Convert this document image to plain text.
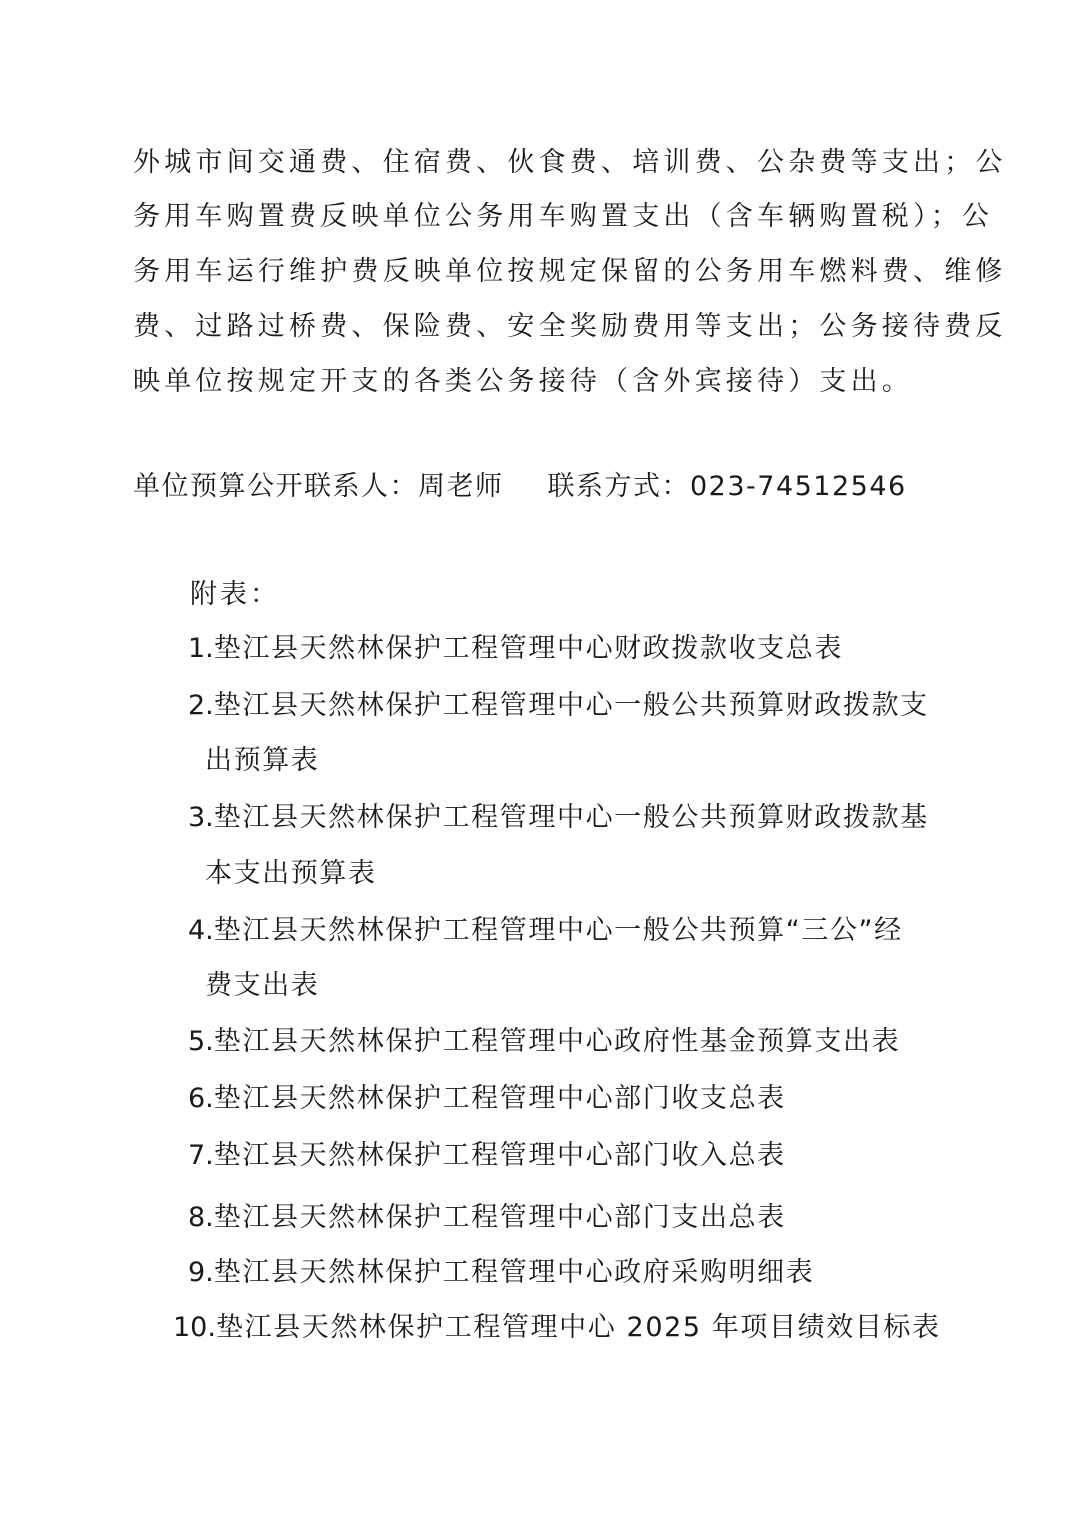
外城市间交通费、住宿费、伙食费、培训费、公杂费等支出；公
务用车购置费反映单位公务用车购置支出（含车辆购置税）；公
务用车运行维护费反映单位按规定保留的公务用车燃料费、维修
费、过路过桥费、保险费、安全奖励费用等支出；公务接待费反
映单位按规定开支的各类公务接待（含外宾接待）支出。
单位预算公开联系人：周老师 联系方式：023-74512546
附表：
1.垫江县天然林保护工程管理中心财政拨款收支总表
2.垫江县天然林保护工程管理中心一般公共预算财政拨款支
出预算表
3.垫江县天然林保护工程管理中心一般公共预算财政拨款基
本支出预算表
4.垫江县天然林保护工程管理中心一般公共预算“三公”经
费支出表
5.垫江县天然林保护工程管理中心政府性基金预算支出表
6.垫江县天然林保护工程管理中心部门收支总表
7.垫江县天然林保护工程管理中心部门收入总表
8.垫江县天然林保护工程管理中心部门支出总表
9.垫江县天然林保护工程管理中心政府采购明细表
10.垫江县天然林保护工程管理中心 2025 年项目绩效目标表
